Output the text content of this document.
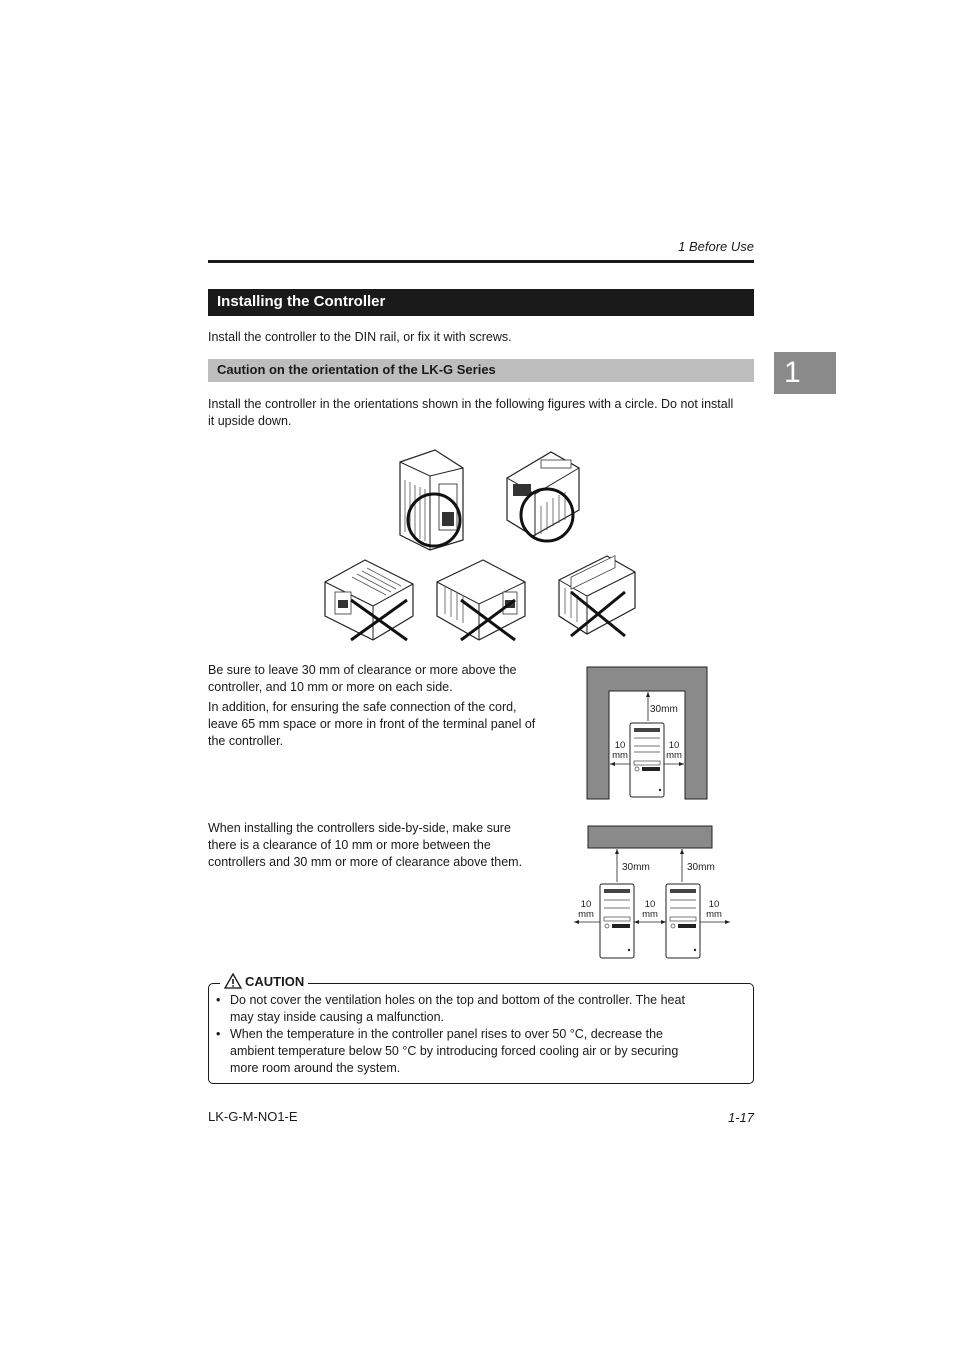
1 Before Use
Installing the Controller
Install the controller to the DIN rail, or fix it with screws.
1
Caution on the orientation of the LK-G Series
Install the controller in the orientations shown in the following figures with a circle. Do not install
it upside down.
Be sure to leave 30 mm of clearance or more above the
controller, and 10 mm or more on each side.
In addition, for ensuring the safe connection of the cord,
leave 65 mm space or more in front of the terminal panel of
the controller.
30mm
10
mm
10
mm
When installing the controllers side-by-side, make sure
there is a clearance of 10 mm or more between the
controllers and 30 mm or more of clearance above them.	30mm	30mm
10
mm
10
mm
10
mm
CAUTION
• Do not cover the ventilation holes on the top and bottom of the controller. The heat
may stay inside causing a malfunction.
• When the temperature in the controller panel rises to over 50 °C, decrease the
ambient temperature below 50 °C by introducing forced cooling air or by securing
more room around the system.
LK-G-M-NO1-E	1-17
